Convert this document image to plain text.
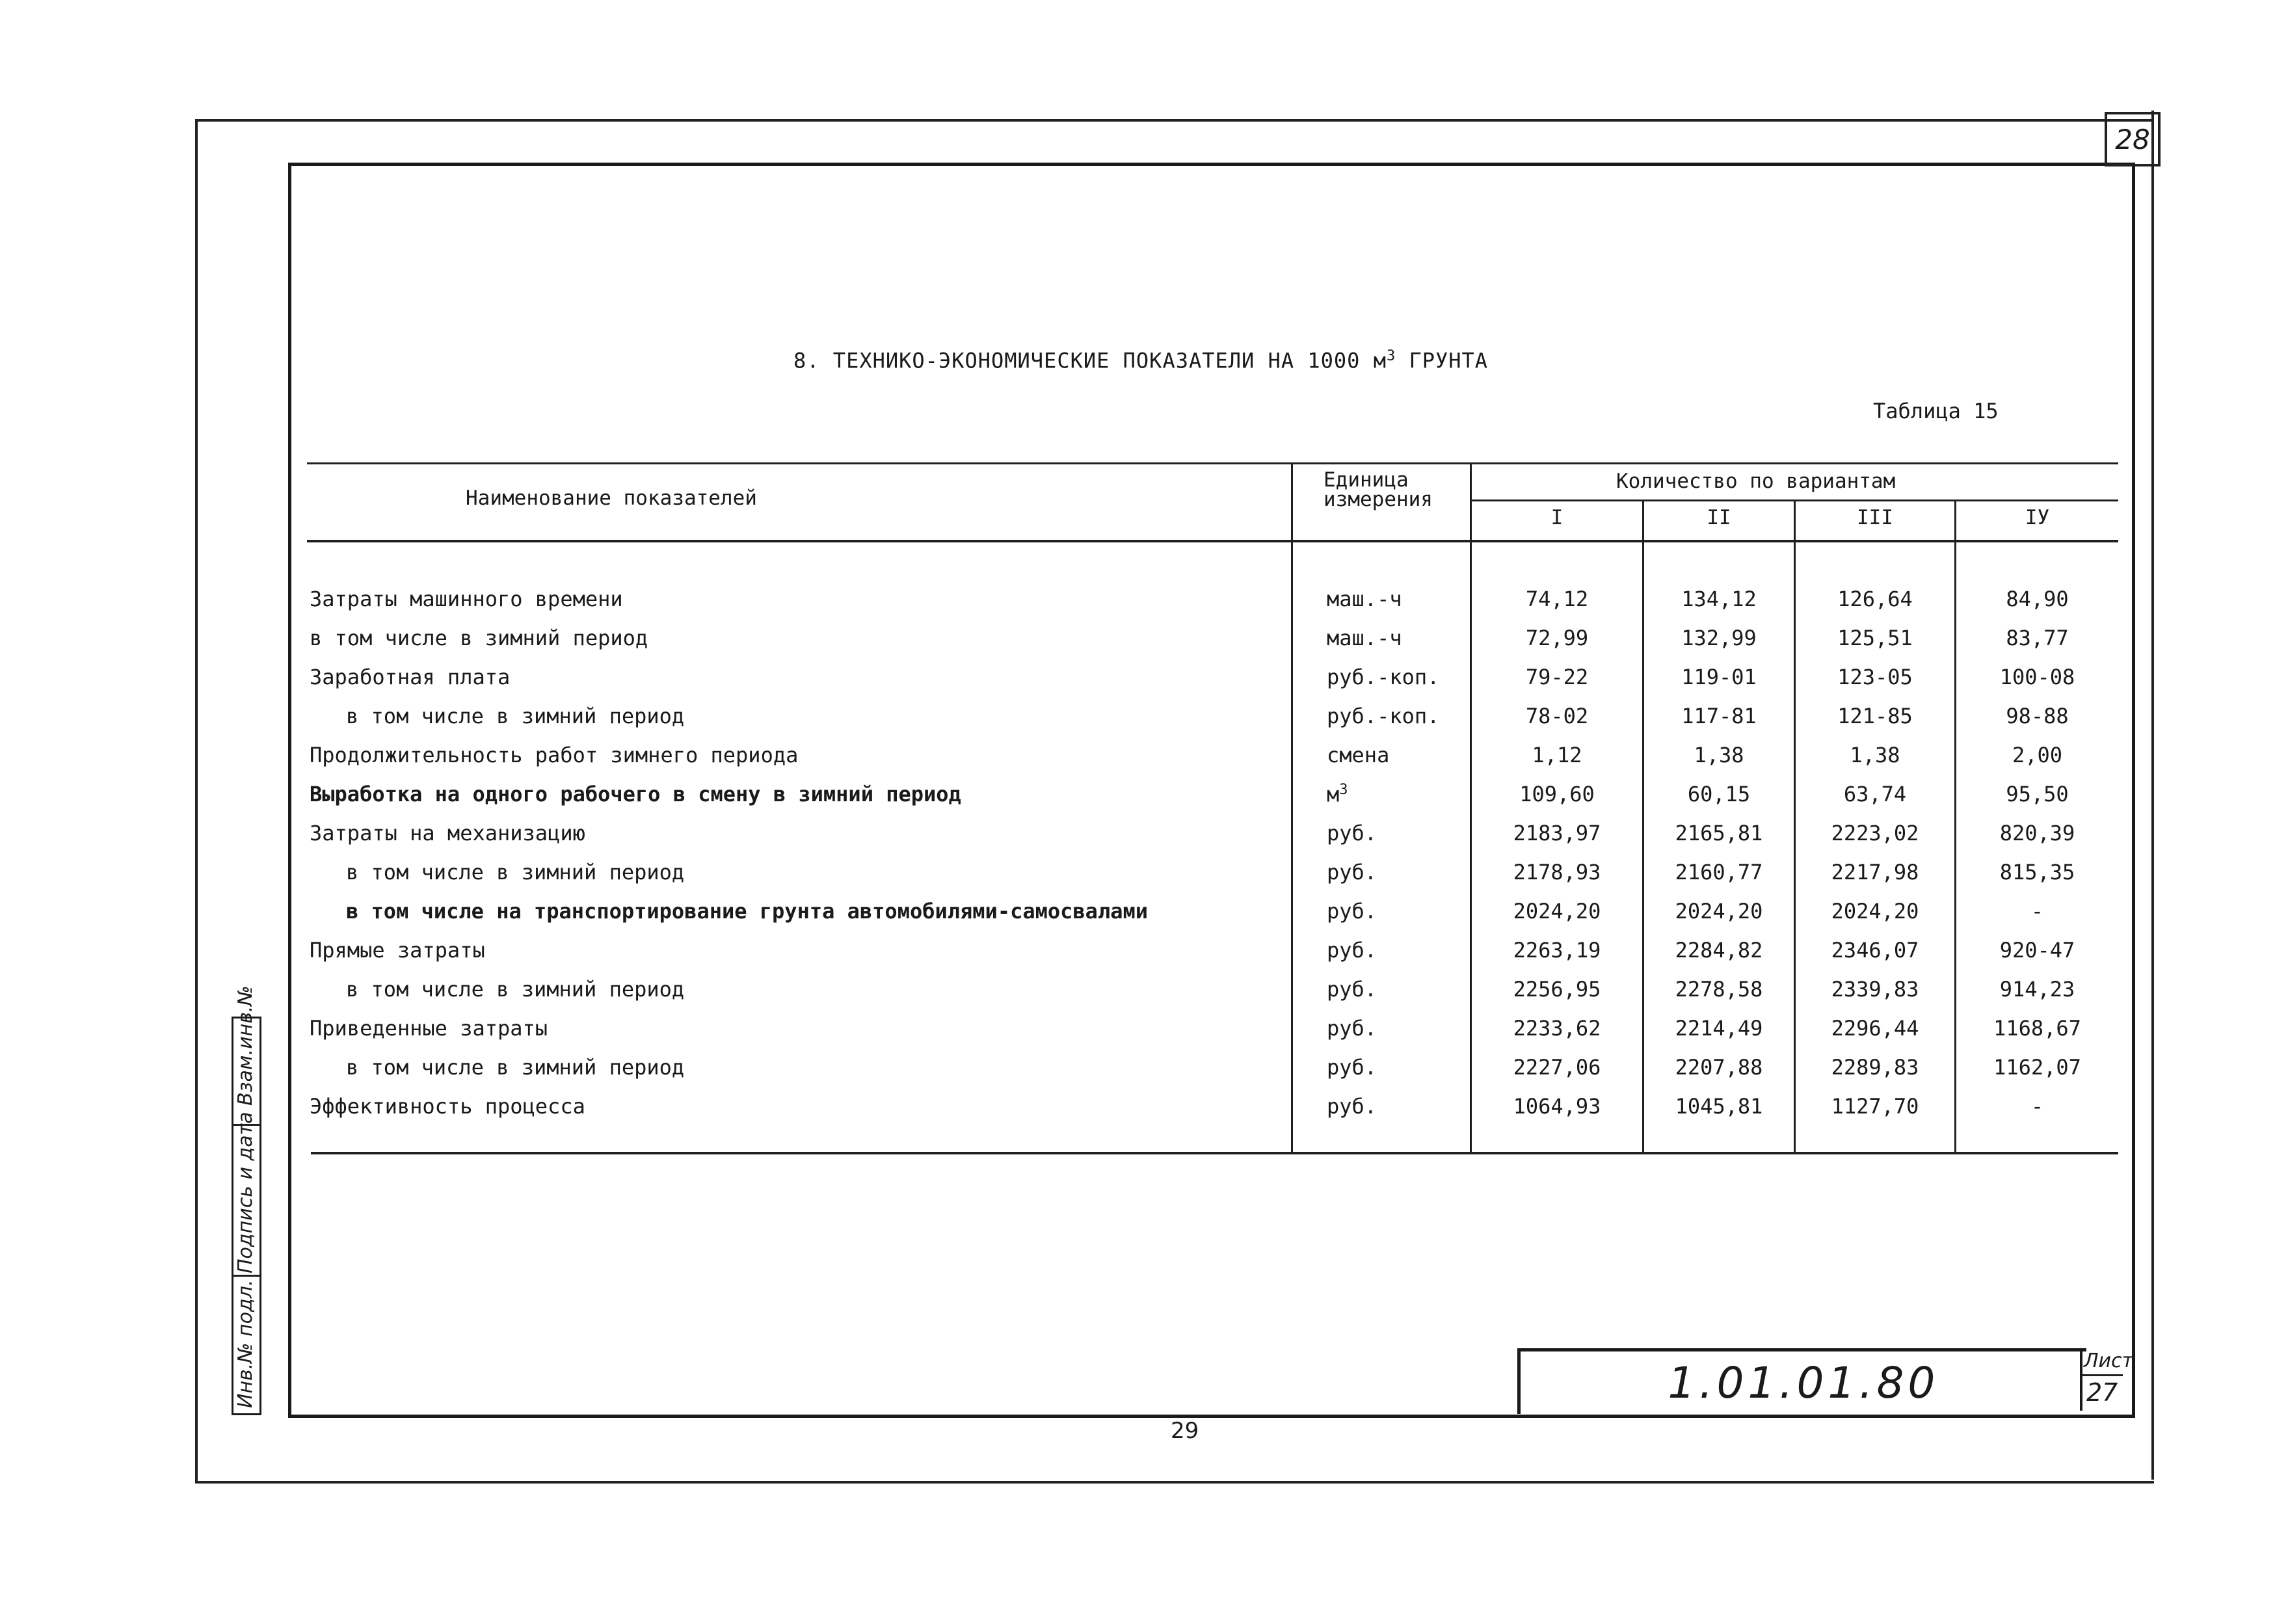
28
8. ТЕХНИКО-ЭКОНОМИЧЕСКИЕ ПОКАЗАТЕЛИ НА 1000 $м^3$ ГРУНТА
Таблица 15
Наименование показателей
Единица
измерения
Количество по вариантам
I	II	III	IУ
Затраты машинного времени	маш.-ч	74,12	134,12	126,64	84,90
в том числе в зимний период	маш.-ч	72,99	132,99	125,51	83,77
Заработная плата	руб.-коп.	79-22	119-01	123-05	100-08
в том числе в зимний период	руб.-коп.	78-02	117-81	121-85	98-88
Продолжительность работ зимнего периода	смена	1,12	1,38	1,38	2,00
Выработка на одного рабочего в смену в зимний период	$м^3$	109,60	60,15	63,74	95,50
Затраты на механизацию	руб.	2183,97	2165,81	2223,02	820,39
в том числе в зимний период	руб.	2178,93	2160,77	2217,98	815,35
в том числе на транспортирование грунта автомобилями-самосвалами	руб.	2024,20	2024,20	2024,20	-
Прямые затраты	руб.	2263,19	2284,82	2346,07	920-47
в том числе в зимний период	руб.	2256,95	2278,58	2339,83	914,23
Приведенные затраты	руб.	2233,62	2214,49	2296,44	1168,67
в том числе в зимний период	руб.	2227,06	2207,88	2289,83	1162,07
Эффективность процесса	руб.	1064,93	1045,81	1127,70	-
1.01.01.80	Лист
27
29
Инв.№ подл. Подпись и дата Взам.инв.№
